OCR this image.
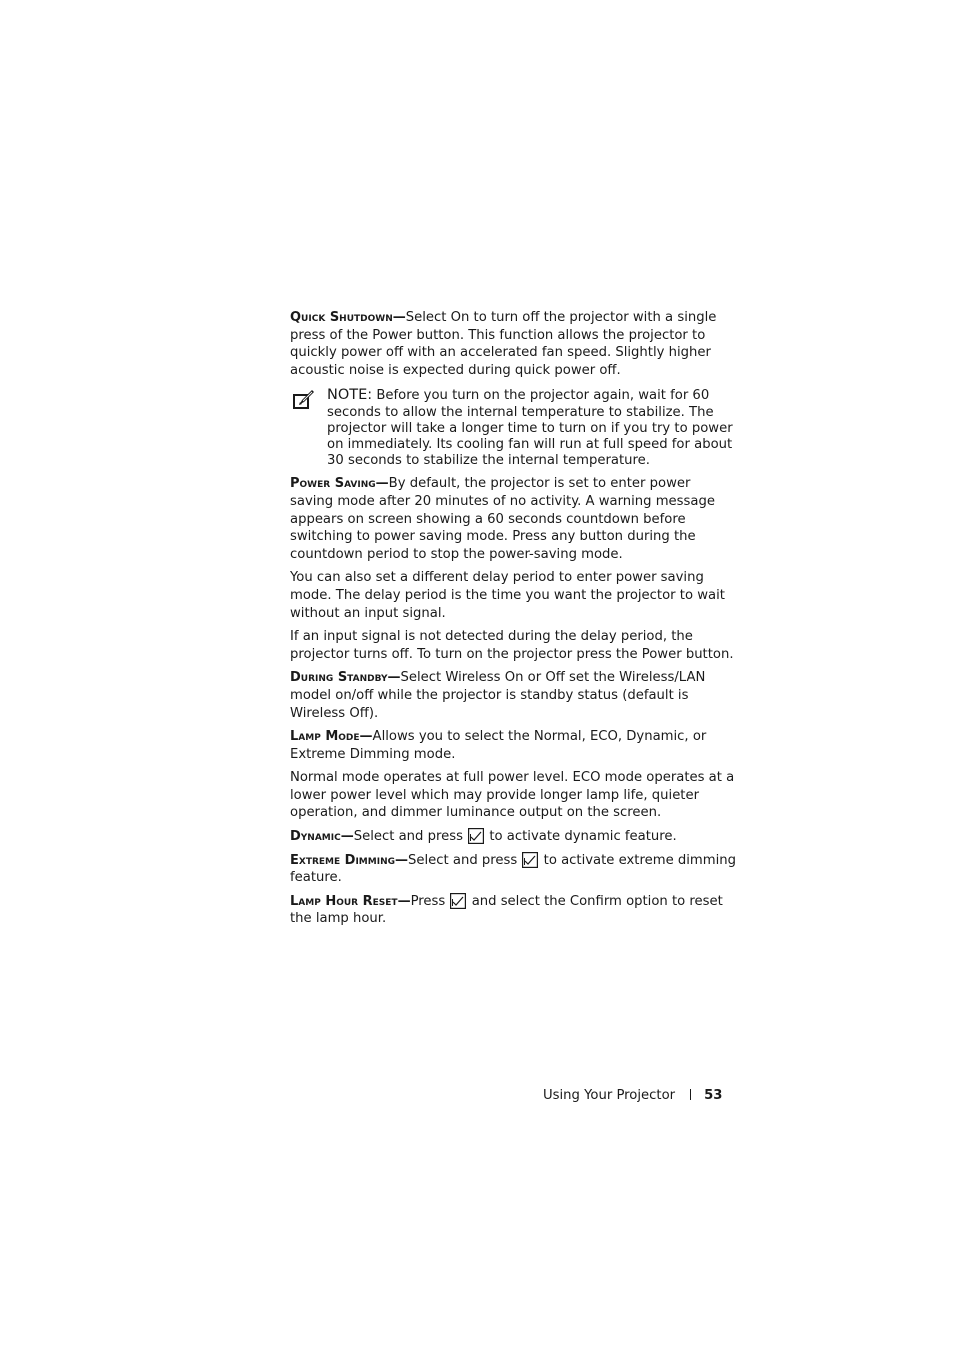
Quick Shutdown—Select On to turn off the projector with a single press of the Power button. This function allows the projector to quickly power off with an accelerated fan speed. Slightly higher acoustic noise is expected during quick power off.

NOTE: Before you turn on the projector again, wait for 60 seconds to allow the internal temperature to stabilize. The projector will take a longer time to turn on if you try to power on immediately. Its cooling fan will run at full speed for about 30 seconds to stabilize the internal temperature.

Power Saving—By default, the projector is set to enter power saving mode after 20 minutes of no activity. A warning message appears on screen showing a 60 seconds countdown before switching to power saving mode. Press any button during the countdown period to stop the power-saving mode.

You can also set a different delay period to enter power saving mode. The delay period is the time you want the projector to wait without an input signal.

If an input signal is not detected during the delay period, the projector turns off. To turn on the projector press the Power button.

During Standby—Select Wireless On or Off set the Wireless/LAN model on/off while the projector is standby status (default is Wireless Off).

Lamp Mode—Allows you to select the Normal, ECO, Dynamic, or Extreme Dimming mode.

Normal mode operates at full power level. ECO mode operates at a lower power level which may provide longer lamp life, quieter operation, and dimmer luminance output on the screen.

Dynamic—Select and press to activate dynamic feature.

Extreme Dimming—Select and press to activate extreme dimming feature.

Lamp Hour Reset—Press and select the Confirm option to reset the lamp hour.

Using Your Projector 53
